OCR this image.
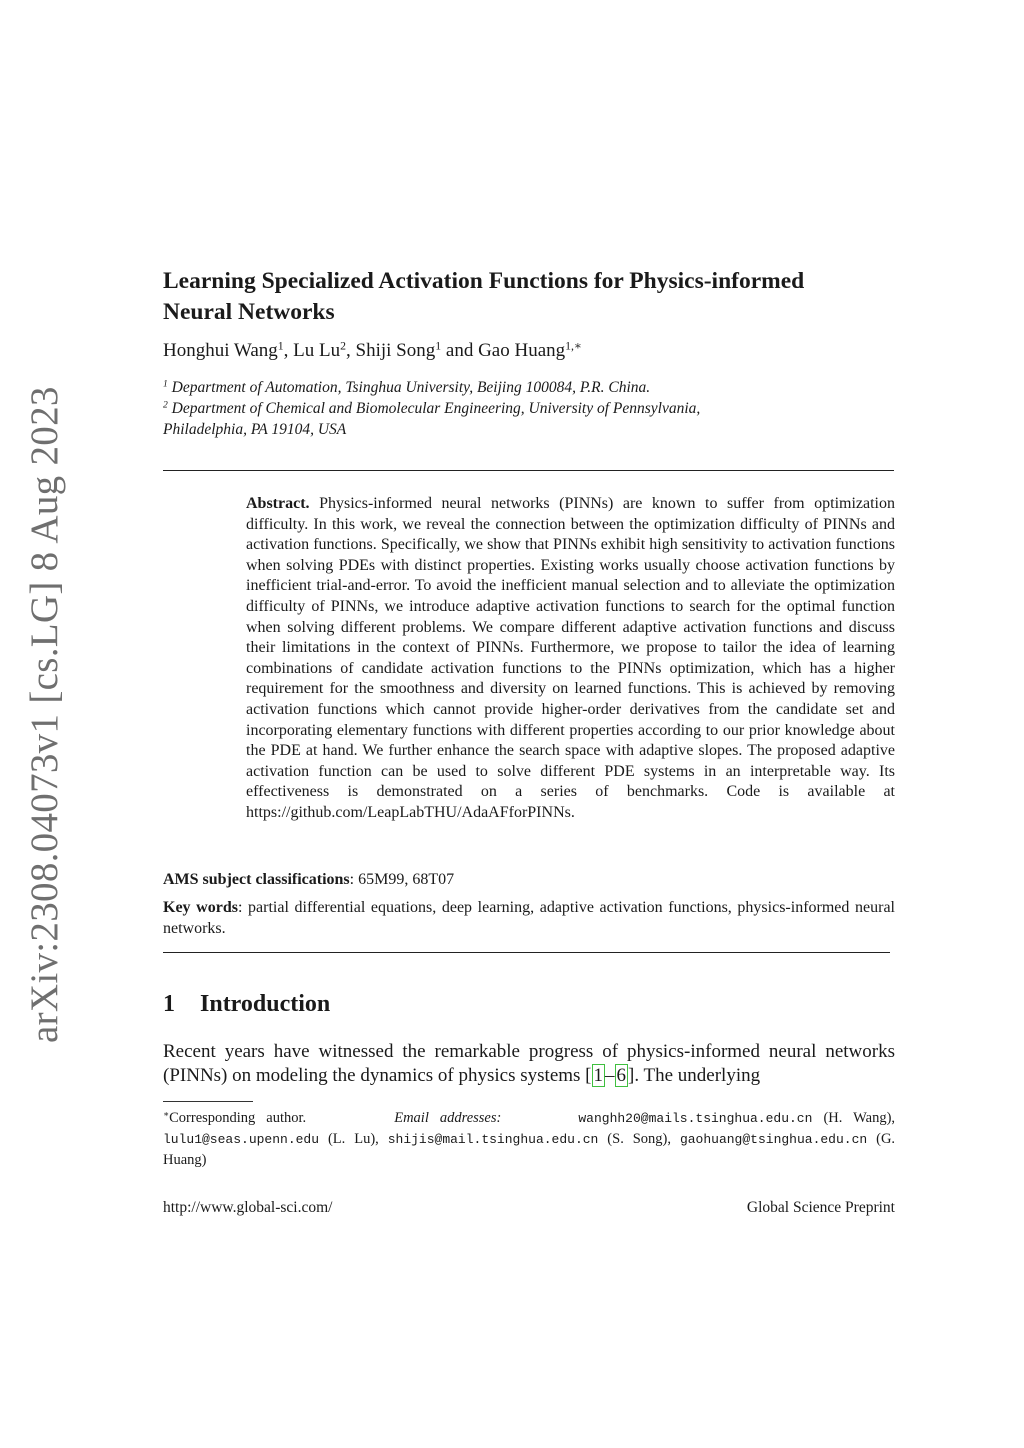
arXiv:2308.04073v1 [cs.LG] 8 Aug 2023
Learning Specialized Activation Functions for Physics-informed Neural Networks
Honghui Wang$^1$, Lu Lu$^2$, Shiji Song$^1$ and Gao Huang$^{1,∗}$
$^1$ Department of Automation, Tsinghua University, Beijing 100084, P.R. China.
$^2$ Department of Chemical and Biomolecular Engineering, University of Pennsylvania, Philadelphia, PA 19104, USA

Abstract. Physics-informed neural networks (PINNs) are known to suffer from optimization difficulty. In this work, we reveal the connection between the optimization difficulty of PINNs and activation functions. Specifically, we show that PINNs exhibit high sensitivity to activation functions when solving PDEs with distinct properties. Existing works usually choose activation functions by inefficient trial-and-error. To avoid the inefficient manual selection and to alleviate the optimization difficulty of PINNs, we introduce adaptive activation functions to search for the optimal function when solving different problems. We compare different adaptive activation functions and discuss their limitations in the context of PINNs. Furthermore, we propose to tailor the idea of learning combinations of candidate activation functions to the PINNs optimization, which has a higher requirement for the smoothness and diversity on learned functions. This is achieved by removing activation functions which cannot provide higher-order derivatives from the candidate set and incorporating elementary functions with different properties according to our prior knowledge about the PDE at hand. We further enhance the search space with adaptive slopes. The proposed adaptive activation function can be used to solve different PDE systems in an interpretable way. Its effectiveness is demonstrated on a series of benchmarks. Code is available at https://github.com/LeapLabTHU/AdaAFforPINNs.

AMS subject classifications: 65M99, 68T07

Key words: partial differential equations, deep learning, adaptive activation functions, physics-informed neural networks.

1 Introduction

Recent years have witnessed the remarkable progress of physics-informed neural networks (PINNs) on modeling the dynamics of physics systems [ 1 – 6 ]. The underlying

∗Corresponding author.	Email addresses:	wanghh20@mails.tsinghua.edu.cn (H. Wang), lulu1@seas.upenn.edu (L. Lu), shijis@mail.tsinghua.edu.cn (S. Song), gaohuang@tsinghua.edu.cn (G. Huang)

http://www.global-sci.com/	Global Science Preprint
